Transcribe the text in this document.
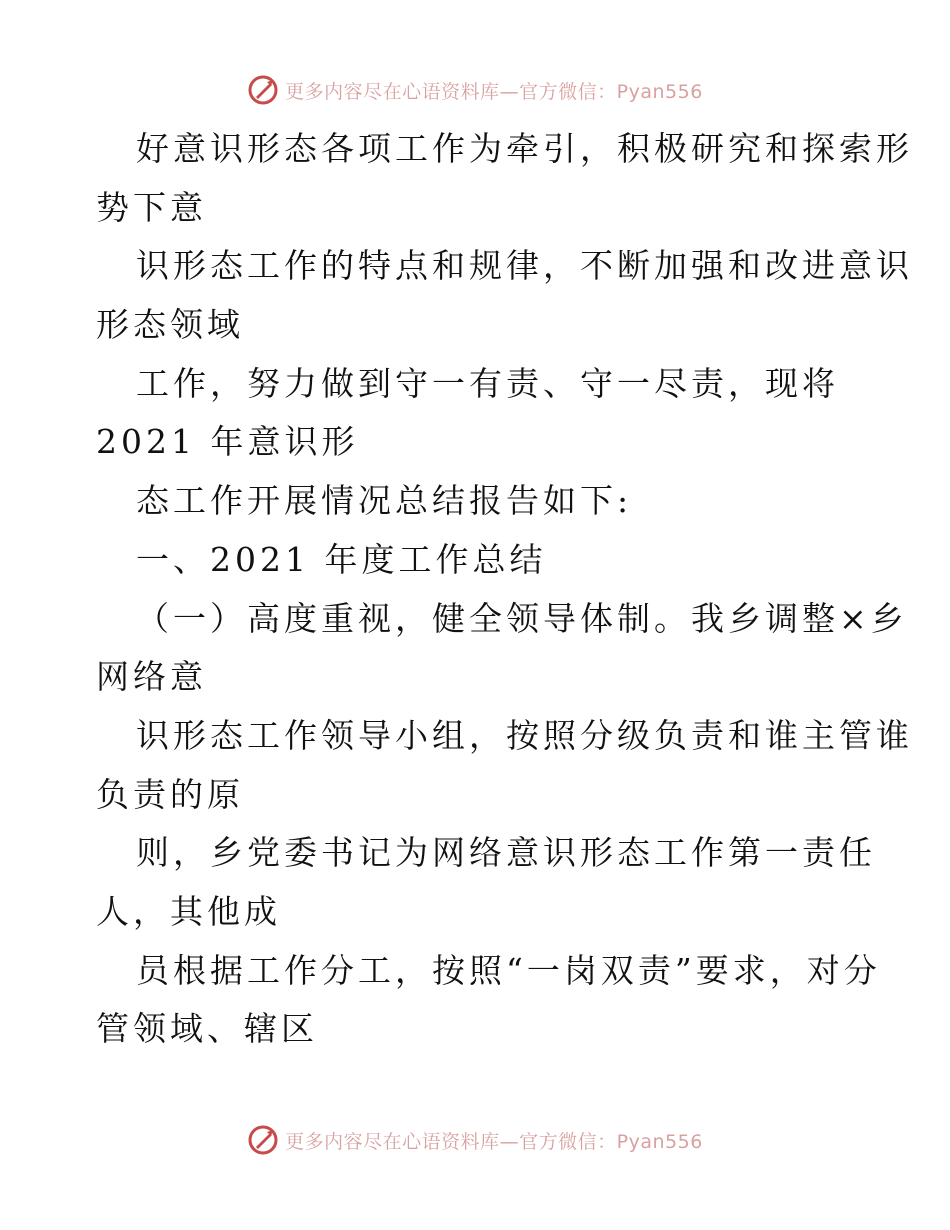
更多内容尽在心语资料库—官方微信：Pyan556
好意识形态各项工作为牵引，积极研究和探索形
势下意
识形态工作的特点和规律，不断加强和改进意识
形态领域
工作，努力做到守一有责、守一尽责，现将
2021 年意识形
态工作开展情况总结报告如下:
一、2021 年度工作总结
（一）高度重视，健全领导体制。我乡调整×乡
网络意
识形态工作领导小组，按照分级负责和谁主管谁
负责的原
则，乡党委书记为网络意识形态工作第一责任
人，其他成
员根据工作分工，按照“一岗双责”要求，对分
管领域、辖区
更多内容尽在心语资料库—官方微信：Pyan556
